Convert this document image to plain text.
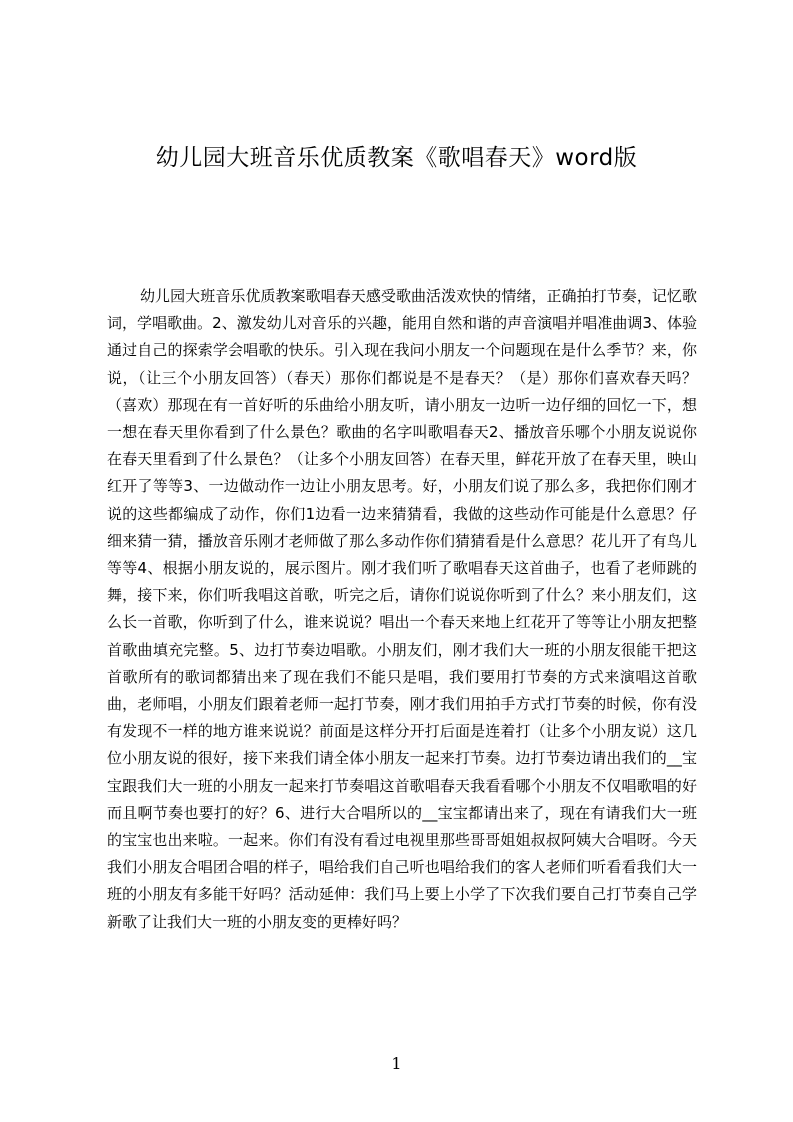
幼儿园大班音乐优质教案《歌唱春天》word版

幼儿园大班音乐优质教案歌唱春天感受歌曲活泼欢快的情绪，正确拍打节奏，记忆歌词，学唱歌曲。2、激发幼儿对音乐的兴趣，能用自然和谐的声音演唱并唱准曲调3、体验通过自己的探索学会唱歌的快乐。引入现在我问小朋友一个问题现在是什么季节？来，你说，（让三个小朋友回答）（春天）那你们都说是不是春天？（是）那你们喜欢春天吗？（喜欢）那现在有一首好听的乐曲给小朋友听，请小朋友一边听一边仔细的回忆一下，想一想在春天里你看到了什么景色？歌曲的名字叫歌唱春天2、播放音乐哪个小朋友说说你在春天里看到了什么景色？（让多个小朋友回答）在春天里，鲜花开放了在春天里，映山红开了等等3、一边做动作一边让小朋友思考。好，小朋友们说了那么多，我把你们刚才说的这些都编成了动作，你们1边看一边来猜猜看，我做的这些动作可能是什么意思？仔细来猜一猜，播放音乐刚才老师做了那么多动作你们猜猜看是什么意思？花儿开了有鸟儿等等4、根据小朋友说的，展示图片。刚才我们听了歌唱春天这首曲子，也看了老师跳的舞，接下来，你们听我唱这首歌，听完之后，请你们说说你听到了什么？来小朋友们，这么长一首歌，你听到了什么，谁来说说？唱出一个春天来地上红花开了等等让小朋友把整首歌曲填充完整。5、边打节奏边唱歌。小朋友们，刚才我们大一班的小朋友很能干把这首歌所有的歌词都猜出来了现在我们不能只是唱，我们要用打节奏的方式来演唱这首歌曲，老师唱，小朋友们跟着老师一起打节奏，刚才我们用拍手方式打节奏的时候，你有没有发现不一样的地方谁来说说？前面是这样分开打后面是连着打（让多个小朋友说）这几位小朋友说的很好，接下来我们请全体小朋友一起来打节奏。边打节奏边请出我们的__宝宝跟我们大一班的小朋友一起来打节奏唱这首歌唱春天我看看哪个小朋友不仅唱歌唱的好而且啊节奏也要打的好？6、进行大合唱所以的__宝宝都请出来了，现在有请我们大一班的宝宝也出来啦。一起来。你们有没有看过电视里那些哥哥姐姐叔叔阿姨大合唱呀。今天我们小朋友合唱团合唱的样子，唱给我们自己听也唱给我们的客人老师们听看看我们大一班的小朋友有多能干好吗？活动延伸：我们马上要上小学了下次我们要自己打节奏自己学新歌了让我们大一班的小朋友变的更棒好吗？

1
